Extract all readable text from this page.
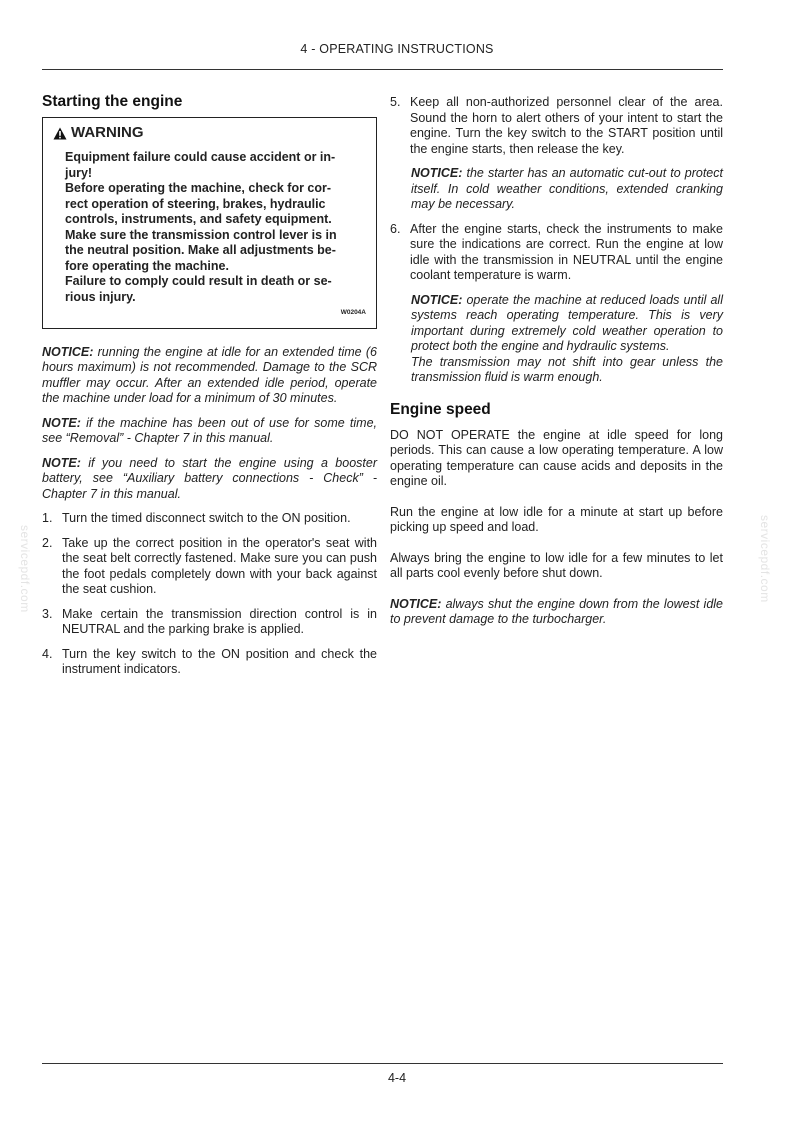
4 - OPERATING INSTRUCTIONS
servicepdf.com	servicepdf.com
Starting the engine
WARNING
Equipment failure could cause accident or in-
jury!
Before operating the machine, check for cor-
rect operation of steering, brakes, hydraulic
controls, instruments, and safety equipment.
Make sure the transmission control lever is in
the neutral position. Make all adjustments be-
fore operating the machine.
Failure to comply could result in death or se-
rious injury.
W0204A
NOTICE: running the engine at idle for an extended time (6 hours maximum) is not recommended. Damage to the SCR muffler may occur. After an extended idle period, operate the machine under load for a minimum of 30 minutes.
NOTE: if the machine has been out of use for some time, see “Removal” - Chapter 7 in this manual.
NOTE: if you need to start the engine using a booster battery, see “Auxiliary battery connections - Check” - Chapter 7 in this manual.
1. Turn the timed disconnect switch to the ON position.
2. Take up the correct position in the operator's seat with the seat belt correctly fastened. Make sure you can push the foot pedals completely down with your back against the seat cushion.
3. Make certain the transmission direction control is in NEUTRAL and the parking brake is applied.
4. Turn the key switch to the ON position and check the instrument indicators.
5. Keep all non-authorized personnel clear of the area. Sound the horn to alert others of your intent to start the engine. Turn the key switch to the START position until the engine starts, then release the key.
NOTICE: the starter has an automatic cut-out to protect itself. In cold weather conditions, extended cranking may be necessary.
6. After the engine starts, check the instruments to make sure the indications are correct. Run the engine at low idle with the transmission in NEUTRAL until the engine coolant temperature is warm.
NOTICE: operate the machine at reduced loads until all systems reach operating temperature. This is very important during extremely cold weather operation to protect both the engine and hydraulic systems.
The transmission may not shift into gear unless the transmission fluid is warm enough.
Engine speed

DO NOT OPERATE the engine at idle speed for long periods. This can cause a low operating temperature. A low operating temperature can cause acids and deposits in the engine oil.

Run the engine at low idle for a minute at start up before picking up speed and load.

Always bring the engine to low idle for a few minutes to let all parts cool evenly before shut down.

NOTICE: always shut the engine down from the lowest idle to prevent damage to the turbocharger.
4-4
